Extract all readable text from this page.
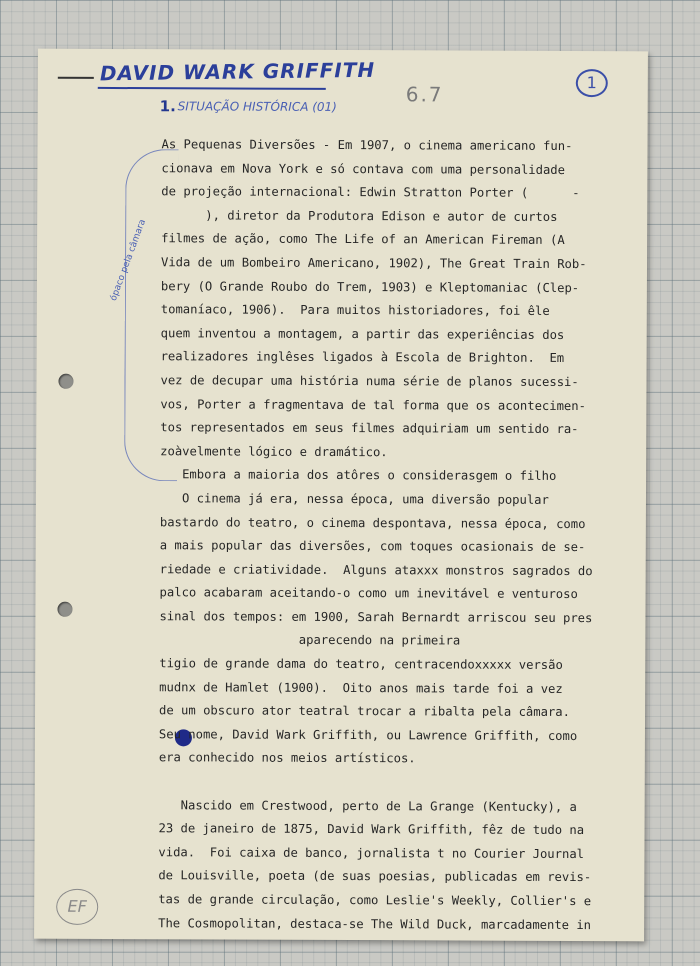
DAVID WARK GRIFFITH
1. SITUAÇÃO HISTÓRICA (01)
6.7	1
ópaco pela câmara
As Pequenas Diversões - Em 1907, o cinema americano fun-
cionava em Nova York e só contava com uma personalidade
de projeção internacional: Edwin Stratton Porter (      -
), diretor da Produtora Edison e autor de curtos
filmes de ação, como The Life of an American Fireman (A
Vida de um Bombeiro Americano, 1902), The Great Train Rob-
bery (O Grande Roubo do Trem, 1903) e Kleptomaniac (Clep-
tomaníaco, 1906).  Para muitos historiadores, foi êle
quem inventou a montagem, a partir das experiências dos
realizadores inglêses ligados à Escola de Brighton.  Em
vez de decupar uma história numa série de planos sucessi-
vos, Porter a fragmentava de tal forma que os acontecimen-
tos representados em seus filmes adquiriam um sentido ra-
zoàvelmente lógico e dramático.
Embora a maioria dos atôres o considerasgem o filho
O cinema já era, nessa época, uma diversão popular
bastardo do teatro, o cinema despontava, nessa época, como
a mais popular das diversões, com toques ocasionais de se-
riedade e criatividade.  Alguns ataxxx monstros sagrados do
palco acabaram aceitando-o como um inevitável e venturoso
sinal dos tempos: em 1900, Sarah Bernardt arriscou seu pres
aparecendo na primeira
tigio de grande dama do teatro, centracendoxxxxx versão
mudnx de Hamlet (1900).  Oito anos mais tarde foi a vez
de um obscuro ator teatral trocar a ribalta pela câmara.
Seu nome, David Wark Griffith, ou Lawrence Griffith, como
era conhecido nos meios artísticos.
Nascido em Crestwood, perto de La Grange (Kentucky), a
23 de janeiro de 1875, David Wark Griffith, fêz de tudo na
vida.  Foi caixa de banco, jornalista t no Courier Journal
de Louisville, poeta (de suas poesias, publicadas em revis-
tas de grande circulação, como Leslie's Weekly, Collier's e
The Cosmopolitan, destaca-se The Wild Duck, marcadamente in
EF
